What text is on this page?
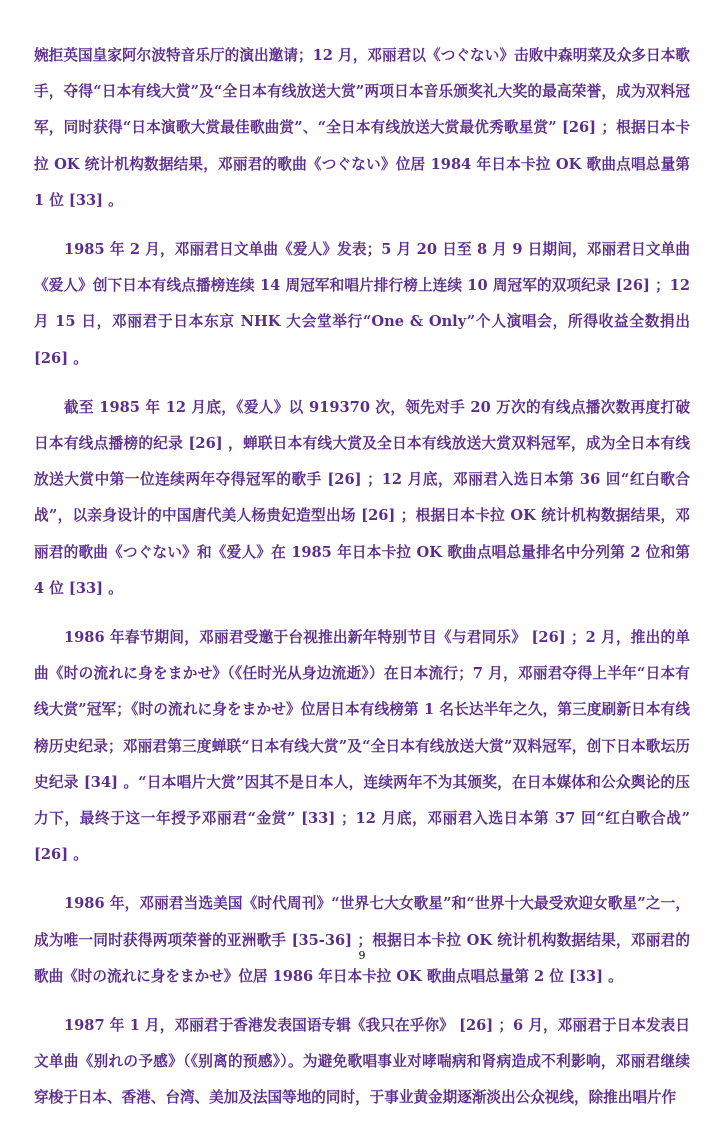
婉拒英国皇家阿尔波特音乐厅的演出邀请；12 月，邓丽君以《つぐない》击败中森明菜及众多日本歌手，夺得“日本有线大赏”及“全日本有线放送大赏”两项日本音乐颁奖礼大奖的最高荣誉，成为双料冠军，同时获得“日本演歌大赏最佳歌曲赏”、“全日本有线放送大赏最优秀歌星赏” [26] ；根据日本卡拉 OK 统计机构数据结果，邓丽君的歌曲《つぐない》位居 1984 年日本卡拉 OK 歌曲点唱总量第 1 位 [33] 。

1985 年 2 月，邓丽君日文单曲《爱人》发表；5 月 20 日至 8 月 9 日期间，邓丽君日文单曲《爱人》创下日本有线点播榜连续 14 周冠军和唱片排行榜上连续 10 周冠军的双项纪录 [26] ；12 月 15 日，邓丽君于日本东京 NHK 大会堂举行“One & Only”个人演唱会，所得收益全数捐出 [26] 。

截至 1985 年 12 月底，《爱人》以 919370 次，领先对手 20 万次的有线点播次数再度打破日本有线点播榜的纪录 [26] ，蝉联日本有线大赏及全日本有线放送大赏双料冠军，成为全日本有线放送大赏中第一位连续两年夺得冠军的歌手 [26] ；12 月底，邓丽君入选日本第 36 回“红白歌合战”，以亲身设计的中国唐代美人杨贵妃造型出场 [26] ；根据日本卡拉 OK 统计机构数据结果，邓丽君的歌曲《つぐない》和《爱人》在 1985 年日本卡拉 OK 歌曲点唱总量排名中分列第 2 位和第 4 位 [33] 。

1986 年春节期间，邓丽君受邀于台视推出新年特别节目《与君同乐》 [26] ；2 月，推出的单曲《时の流れに身をまかせ》（《任时光从身边流逝》）在日本流行；7 月，邓丽君夺得上半年“日本有线大赏”冠军；《时の流れに身をまかせ》位居日本有线榜第 1 名长达半年之久，第三度刷新日本有线榜历史纪录；邓丽君第三度蝉联“日本有线大赏”及“全日本有线放送大赏”双料冠军，创下日本歌坛历史纪录 [34] 。“日本唱片大赏”因其不是日本人，连续两年不为其颁奖，在日本媒体和公众舆论的压力下，最终于这一年授予邓丽君“金赏” [33] ；12 月底，邓丽君入选日本第 37 回“红白歌合战” [26] 。

1986 年，邓丽君当选美国《时代周刊》“世界七大女歌星”和“世界十大最受欢迎女歌星”之一，成为唯一同时获得两项荣誉的亚洲歌手 [35-36] ；根据日本卡拉 OK 统计机构数据结果，邓丽君的歌曲《时の流れに身をまかせ》位居 1986 年日本卡拉 OK 歌曲点唱总量第 2 位 [33] 。

1987 年 1 月，邓丽君于香港发表国语专辑《我只在乎你》 [26] ；6 月，邓丽君于日本发表日文单曲《别れの予感》（《别离的预感》）。为避免歌唱事业对哮喘病和肾病造成不利影响，邓丽君继续穿梭于日本、香港、台湾、美加及法国等地的同时，于事业黄金期逐渐淡出公众视线，除推出唱片作

9
